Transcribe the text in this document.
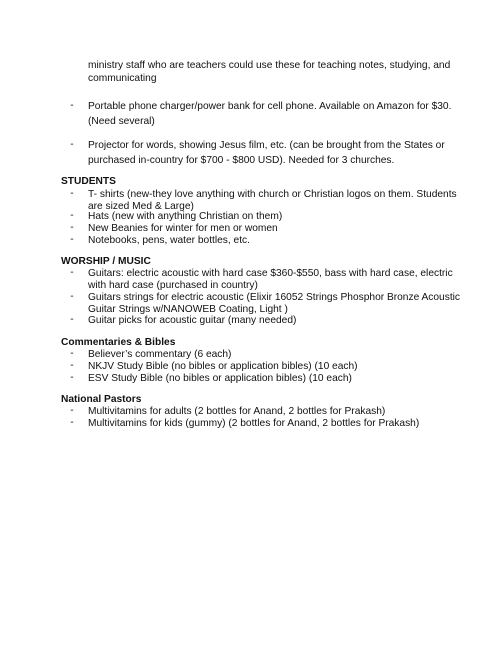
ministry staff who are teachers could use these for teaching notes, studying, and
communicating
- Portable phone charger/power bank for cell phone. Available on Amazon for $30.
(Need several)
- Projector for words, showing Jesus film, etc. (can be brought from the States or
purchased in-country for $700 - $800 USD). Needed for 3 churches.
STUDENTS
- T- shirts (new-they love anything with church or Christian logos on them. Students
are sized Med & Large)
- Hats (new with anything Christian on them)
- New Beanies for winter for men or women
- Notebooks, pens, water bottles, etc.
WORSHIP / MUSIC
- Guitars: electric acoustic with hard case $360-$550, bass with hard case, electric
with hard case (purchased in country)
- Guitars strings for electric acoustic (Elixir 16052 Strings Phosphor Bronze Acoustic
Guitar Strings w/NANOWEB Coating, Light )
- Guitar picks for acoustic guitar (many needed)
Commentaries & Bibles
- Believer’s commentary (6 each)
- NKJV Study Bible (no bibles or application bibles) (10 each)
- ESV Study Bible (no bibles or application bibles) (10 each)
National Pastors
- Multivitamins for adults (2 bottles for Anand, 2 bottles for Prakash)
- Multivitamins for kids (gummy) (2 bottles for Anand, 2 bottles for Prakash)
